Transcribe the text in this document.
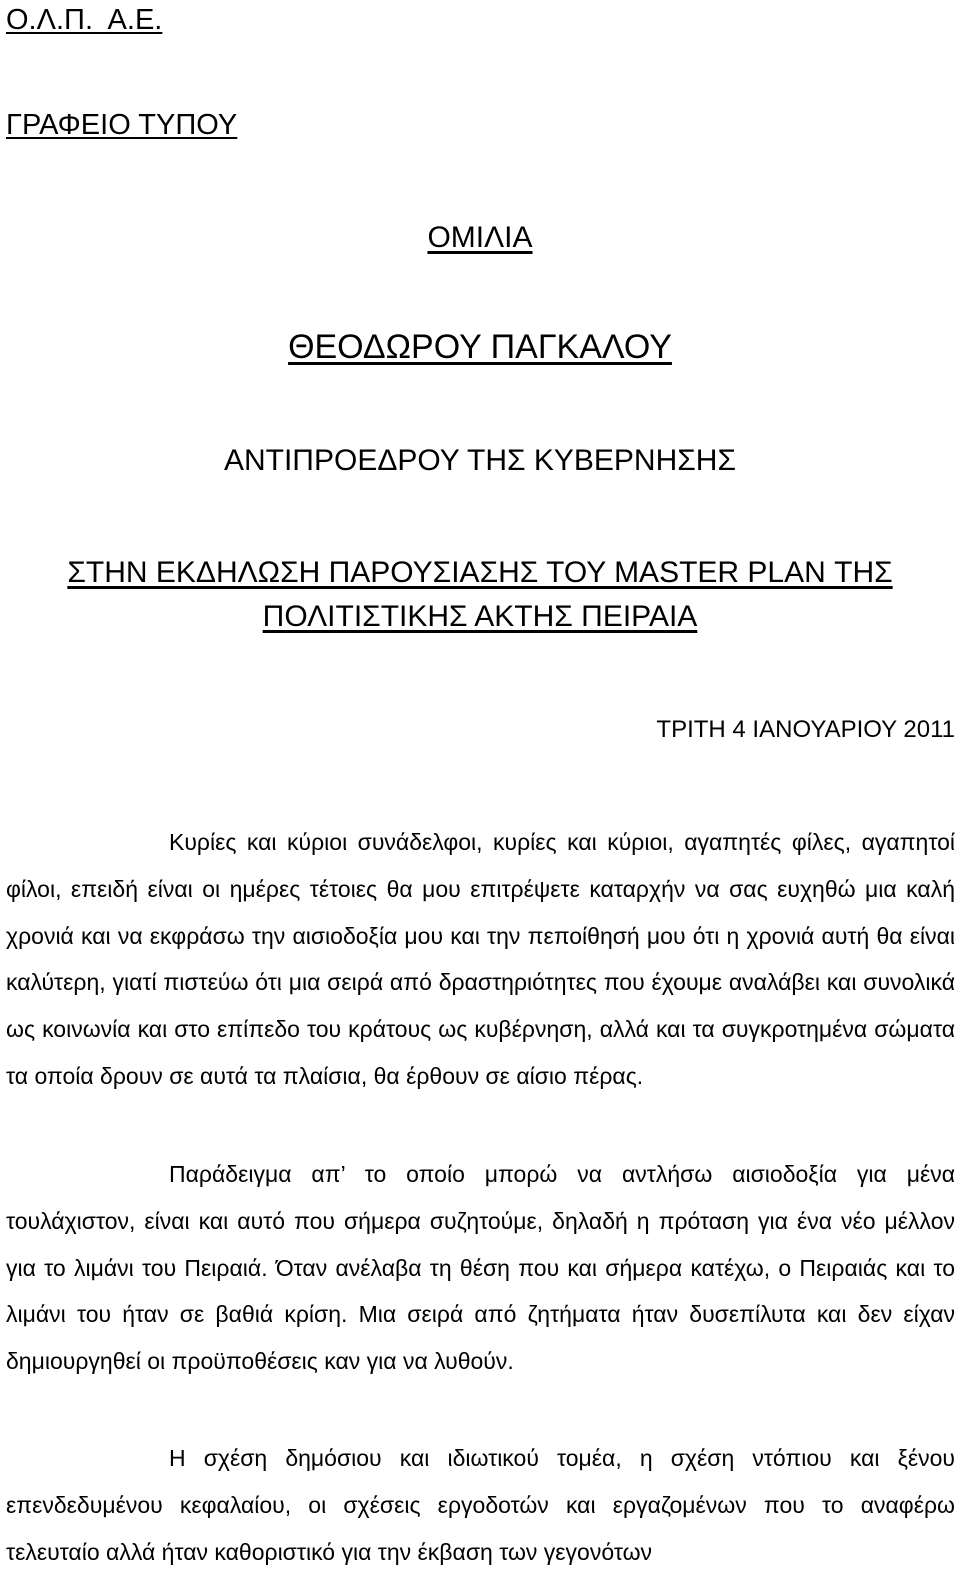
Ο.Λ.Π.  Α.Ε.
ΓΡΑΦΕΙΟ ΤΥΠΟΥ
ΟΜΙΛΙΑ
ΘΕΟΔΩΡΟΥ ΠΑΓΚΑΛΟΥ
ΑΝΤΙΠΡΟΕΔΡΟΥ ΤΗΣ ΚΥΒΕΡΝΗΣΗΣ
ΣΤΗΝ ΕΚΔΗΛΩΣΗ ΠΑΡΟΥΣΙΑΣΗΣ ΤΟΥ MASTER PLAN ΤΗΣ
ΠΟΛΙΤΙΣΤΙΚΗΣ ΑΚΤΗΣ ΠΕΙΡΑΙΑ
ΤΡΙΤΗ 4 ΙΑΝΟΥΑΡΙΟΥ 2011

Κυρίες και κύριοι συνάδελφοι, κυρίες και κύριοι, αγαπητές φίλες, αγαπητοί φίλοι, επειδή είναι οι ημέρες τέτοιες θα μου επιτρέψετε καταρχήν να σας ευχηθώ μια καλή χρονιά και να εκφράσω την αισιοδοξία μου και την πεποίθησή μου ότι η χρονιά αυτή θα είναι καλύτερη, γιατί πιστεύω ότι μια σειρά από δραστηριότητες που έχουμε αναλάβει και συνολικά ως κοινωνία και στο επίπεδο του κράτους ως κυβέρνηση, αλλά και τα συγκροτημένα σώματα τα οποία δρουν σε αυτά τα πλαίσια, θα έρθουν σε αίσιο πέρας.

Παράδειγμα απ’ το οποίο μπορώ να αντλήσω αισιοδοξία για μένα τουλάχιστον, είναι και αυτό που σήμερα συζητούμε, δηλαδή η πρόταση για ένα νέο μέλλον για το λιμάνι του Πειραιά. Όταν ανέλαβα τη θέση που και σήμερα κατέχω, ο Πειραιάς και το λιμάνι του ήταν σε βαθιά κρίση. Μια σειρά από ζητήματα ήταν δυσεπίλυτα και δεν είχαν δημιουργηθεί οι προϋποθέσεις καν για να λυθούν.

Η σχέση δημόσιου και ιδιωτικού τομέα, η σχέση ντόπιου και ξένου επενδεδυμένου κεφαλαίου, οι σχέσεις εργοδοτών και εργαζομένων που το αναφέρω τελευταίο αλλά ήταν καθοριστικό για την έκβαση των γεγονότων
